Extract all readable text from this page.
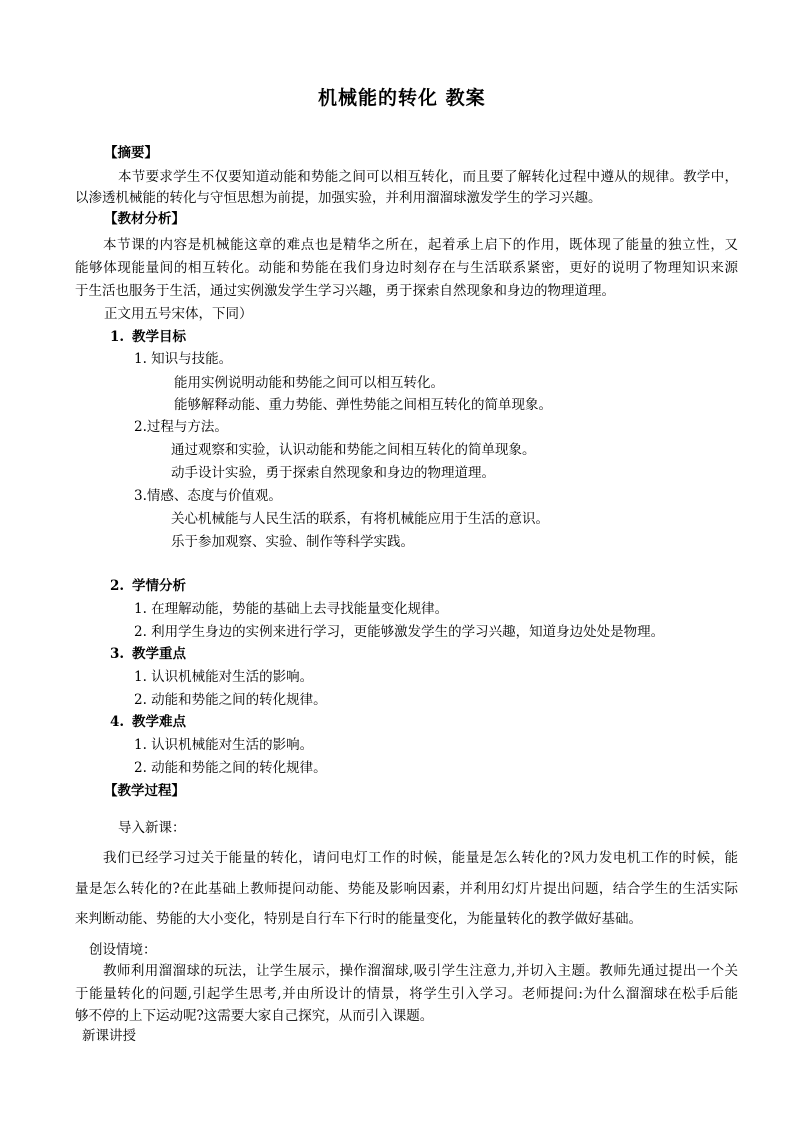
机械能的转化 教案
【摘要】
本节要求学生不仅要知道动能和势能之间可以相互转化，而且要了解转化过程中遵从的规律。教学中，
以渗透机械能的转化与守恒思想为前提，加强实验，并利用溜溜球激发学生的学习兴趣。
【教材分析】
本节课的内容是机械能这章的难点也是精华之所在，起着承上启下的作用，既体现了能量的独立性，又
能够体现能量间的相互转化。动能和势能在我们身边时刻存在与生活联系紧密，更好的说明了物理知识来源
于生活也服务于生活，通过实例激发学生学习兴趣，勇于探索自然现象和身边的物理道理。
正文用五号宋体，下同）
1. 教学目标
1. 知识与技能。
能用实例说明动能和势能之间可以相互转化。
能够解释动能、重力势能、弹性势能之间相互转化的简单现象。
2.过程与方法。
通过观察和实验，认识动能和势能之间相互转化的简单现象。
动手设计实验，勇于探索自然现象和身边的物理道理。
3.情感、态度与价值观。
关心机械能与人民生活的联系，有将机械能应用于生活的意识。
乐于参加观察、实验、制作等科学实践。
2. 学情分析
1. 在理解动能，势能的基础上去寻找能量变化规律。
2. 利用学生身边的实例来进行学习，更能够激发学生的学习兴趣，知道身边处处是物理。
3. 教学重点
1. 认识机械能对生活的影响。
2. 动能和势能之间的转化规律。
4. 教学难点
1. 认识机械能对生活的影响。
2. 动能和势能之间的转化规律。
【教学过程】
导入新课：
我们已经学习过关于能量的转化，请问电灯工作的时候，能量是怎么转化的?风力发电机工作的时候，能
量是怎么转化的?在此基础上教师提问动能、势能及影响因素，并利用幻灯片提出问题，结合学生的生活实际
来判断动能、势能的大小变化，特别是自行车下行时的能量变化，为能量转化的教学做好基础。
创设情境：
教师利用溜溜球的玩法，让学生展示，操作溜溜球,吸引学生注意力,并切入主题。教师先通过提出一个关
于能量转化的问题,引起学生思考,并由所设计的情景，将学生引入学习。老师提问:为什么溜溜球在松手后能
够不停的上下运动呢?这需要大家自己探究，从而引入课题。
新课讲授
